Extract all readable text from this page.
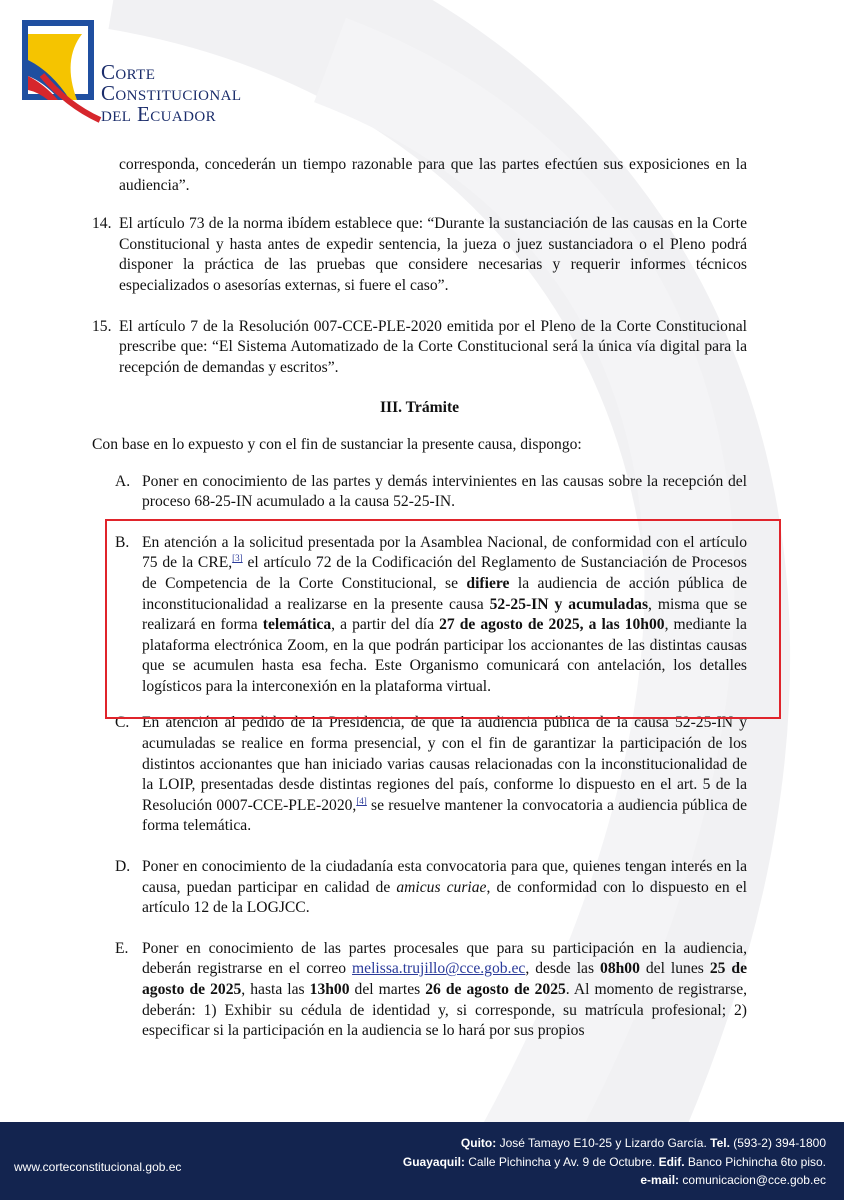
Corte
Constitucional
del Ecuador
corresponda, concederán un tiempo razonable para que las partes efectúen sus exposiciones en la audiencia”.
14. El artículo 73 de la norma ibídem establece que: “Durante la sustanciación de las causas en la Corte Constitucional y hasta antes de expedir sentencia, la jueza o juez sustanciadora o el Pleno podrá disponer la práctica de las pruebas que considere necesarias y requerir informes técnicos especializados o asesorías externas, si fuere el caso”.
15. El artículo 7 de la Resolución 007-CCE-PLE-2020 emitida por el Pleno de la Corte Constitucional prescribe que: “El Sistema Automatizado de la Corte Constitucional será la única vía digital para la recepción de demandas y escritos”.
III. Trámite
Con base en lo expuesto y con el fin de sustanciar la presente causa, dispongo:
A. Poner en conocimiento de las partes y demás intervinientes en las causas sobre la recepción del proceso 68-25-IN acumulado a la causa 52-25-IN.
B. En atención a la solicitud presentada por la Asamblea Nacional, de conformidad con el artículo 75 de la CRE,[3] el artículo 72 de la Codificación del Reglamento de Sustanciación de Procesos de Competencia de la Corte Constitucional, se difiere la audiencia de acción pública de inconstitucionalidad a realizarse en la presente causa 52-25-IN y acumuladas, misma que se realizará en forma telemática, a partir del día 27 de agosto de 2025, a las 10h00, mediante la plataforma electrónica Zoom, en la que podrán participar los accionantes de las distintas causas que se acumulen hasta esa fecha. Este Organismo comunicará con antelación, los detalles logísticos para la interconexión en la plataforma virtual.
C. En atención al pedido de la Presidencia, de que la audiencia pública de la causa 52-25-IN y acumuladas se realice en forma presencial, y con el fin de garantizar la participación de los distintos accionantes que han iniciado varias causas relacionadas con la inconstitucionalidad de la LOIP, presentadas desde distintas regiones del país, conforme lo dispuesto en el art. 5 de la Resolución 0007-CCE-PLE-2020,[4] se resuelve mantener la convocatoria a audiencia pública de forma telemática.
D. Poner en conocimiento de la ciudadanía esta convocatoria para que, quienes tengan interés en la causa, puedan participar en calidad de amicus curiae, de conformidad con lo dispuesto en el artículo 12 de la LOGJCC.
E. Poner en conocimiento de las partes procesales que para su participación en la audiencia, deberán registrarse en el correo melissa.trujillo@cce.gob.ec, desde las 08h00 del lunes 25 de agosto de 2025, hasta las 13h00 del martes 26 de agosto de 2025. Al momento de registrarse, deberán: 1) Exhibir su cédula de identidad y, si corresponde, su matrícula profesional; 2) especificar si la participación en la audiencia se lo hará por sus propios
www.corteconstitucional.gob.ec
Quito: José Tamayo E10-25 y Lizardo García. Tel. (593-2) 394-1800
Guayaquil: Calle Pichincha y Av. 9 de Octubre. Edif. Banco Pichincha 6to piso.
e-mail: comunicacion@cce.gob.ec
